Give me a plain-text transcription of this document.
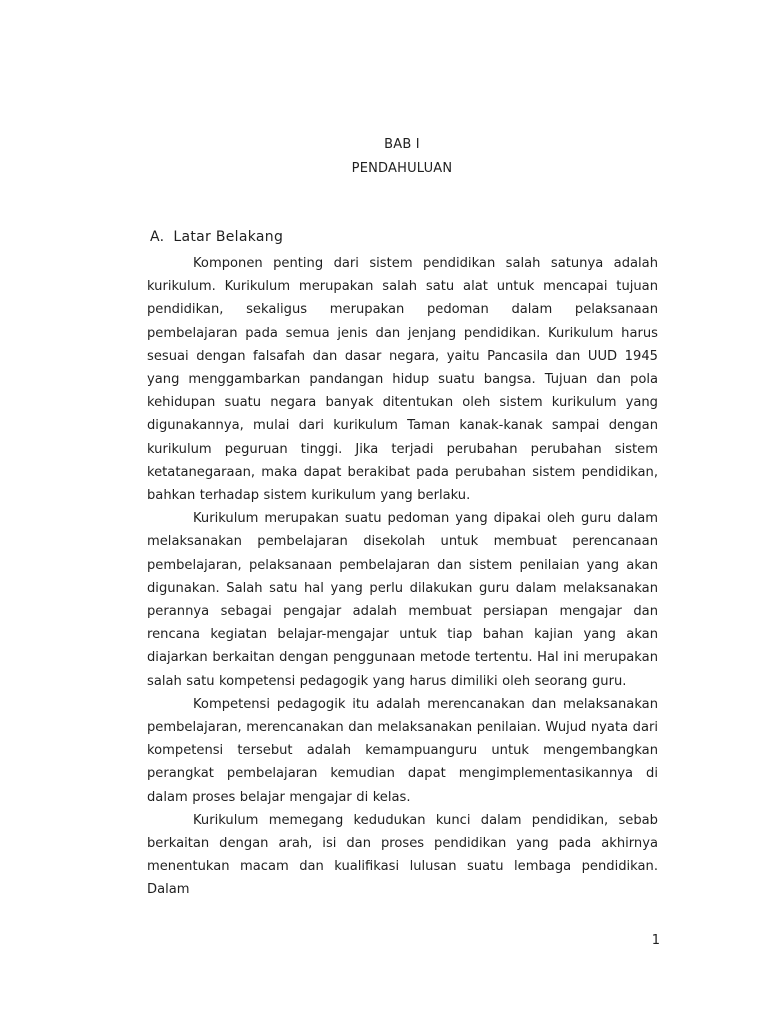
BAB I
PENDAHULUAN
A. Latar Belakang

Komponen penting dari sistem pendidikan salah satunya adalah kurikulum. Kurikulum merupakan salah satu alat untuk mencapai tujuan pendidikan, sekaligus merupakan pedoman dalam pelaksanaan pembelajaran pada semua jenis dan jenjang pendidikan. Kurikulum harus sesuai dengan falsafah dan dasar negara, yaitu Pancasila dan UUD 1945 yang menggambarkan pandangan hidup suatu bangsa. Tujuan dan pola kehidupan suatu negara banyak ditentukan oleh sistem kurikulum yang digunakannya, mulai dari kurikulum Taman kanak-kanak sampai dengan kurikulum peguruan tinggi. Jika terjadi perubahan perubahan sistem ketatanegaraan, maka dapat berakibat pada perubahan sistem pendidikan, bahkan terhadap sistem kurikulum yang berlaku.

Kurikulum merupakan suatu pedoman yang dipakai oleh guru dalam melaksanakan pembelajaran disekolah untuk membuat perencanaan pembelajaran, pelaksanaan pembelajaran dan sistem penilaian yang akan digunakan. Salah satu hal yang perlu dilakukan guru dalam melaksanakan perannya sebagai pengajar adalah membuat persiapan mengajar dan rencana kegiatan belajar-mengajar untuk tiap bahan kajian yang akan diajarkan berkaitan dengan penggunaan metode tertentu. Hal ini merupakan salah satu kompetensi pedagogik yang harus dimiliki oleh seorang guru.

Kompetensi pedagogik itu adalah merencanakan dan melaksanakan pembelajaran, merencanakan dan melaksanakan penilaian. Wujud nyata dari kompetensi tersebut adalah kemampuanguru untuk mengembangkan perangkat pembelajaran kemudian dapat mengimplementasikannya di dalam proses belajar mengajar di kelas.

Kurikulum memegang kedudukan kunci dalam pendidikan, sebab berkaitan dengan arah, isi dan proses pendidikan yang pada akhirnya menentukan macam dan kualifikasi lulusan suatu lembaga pendidikan. Dalam

1
